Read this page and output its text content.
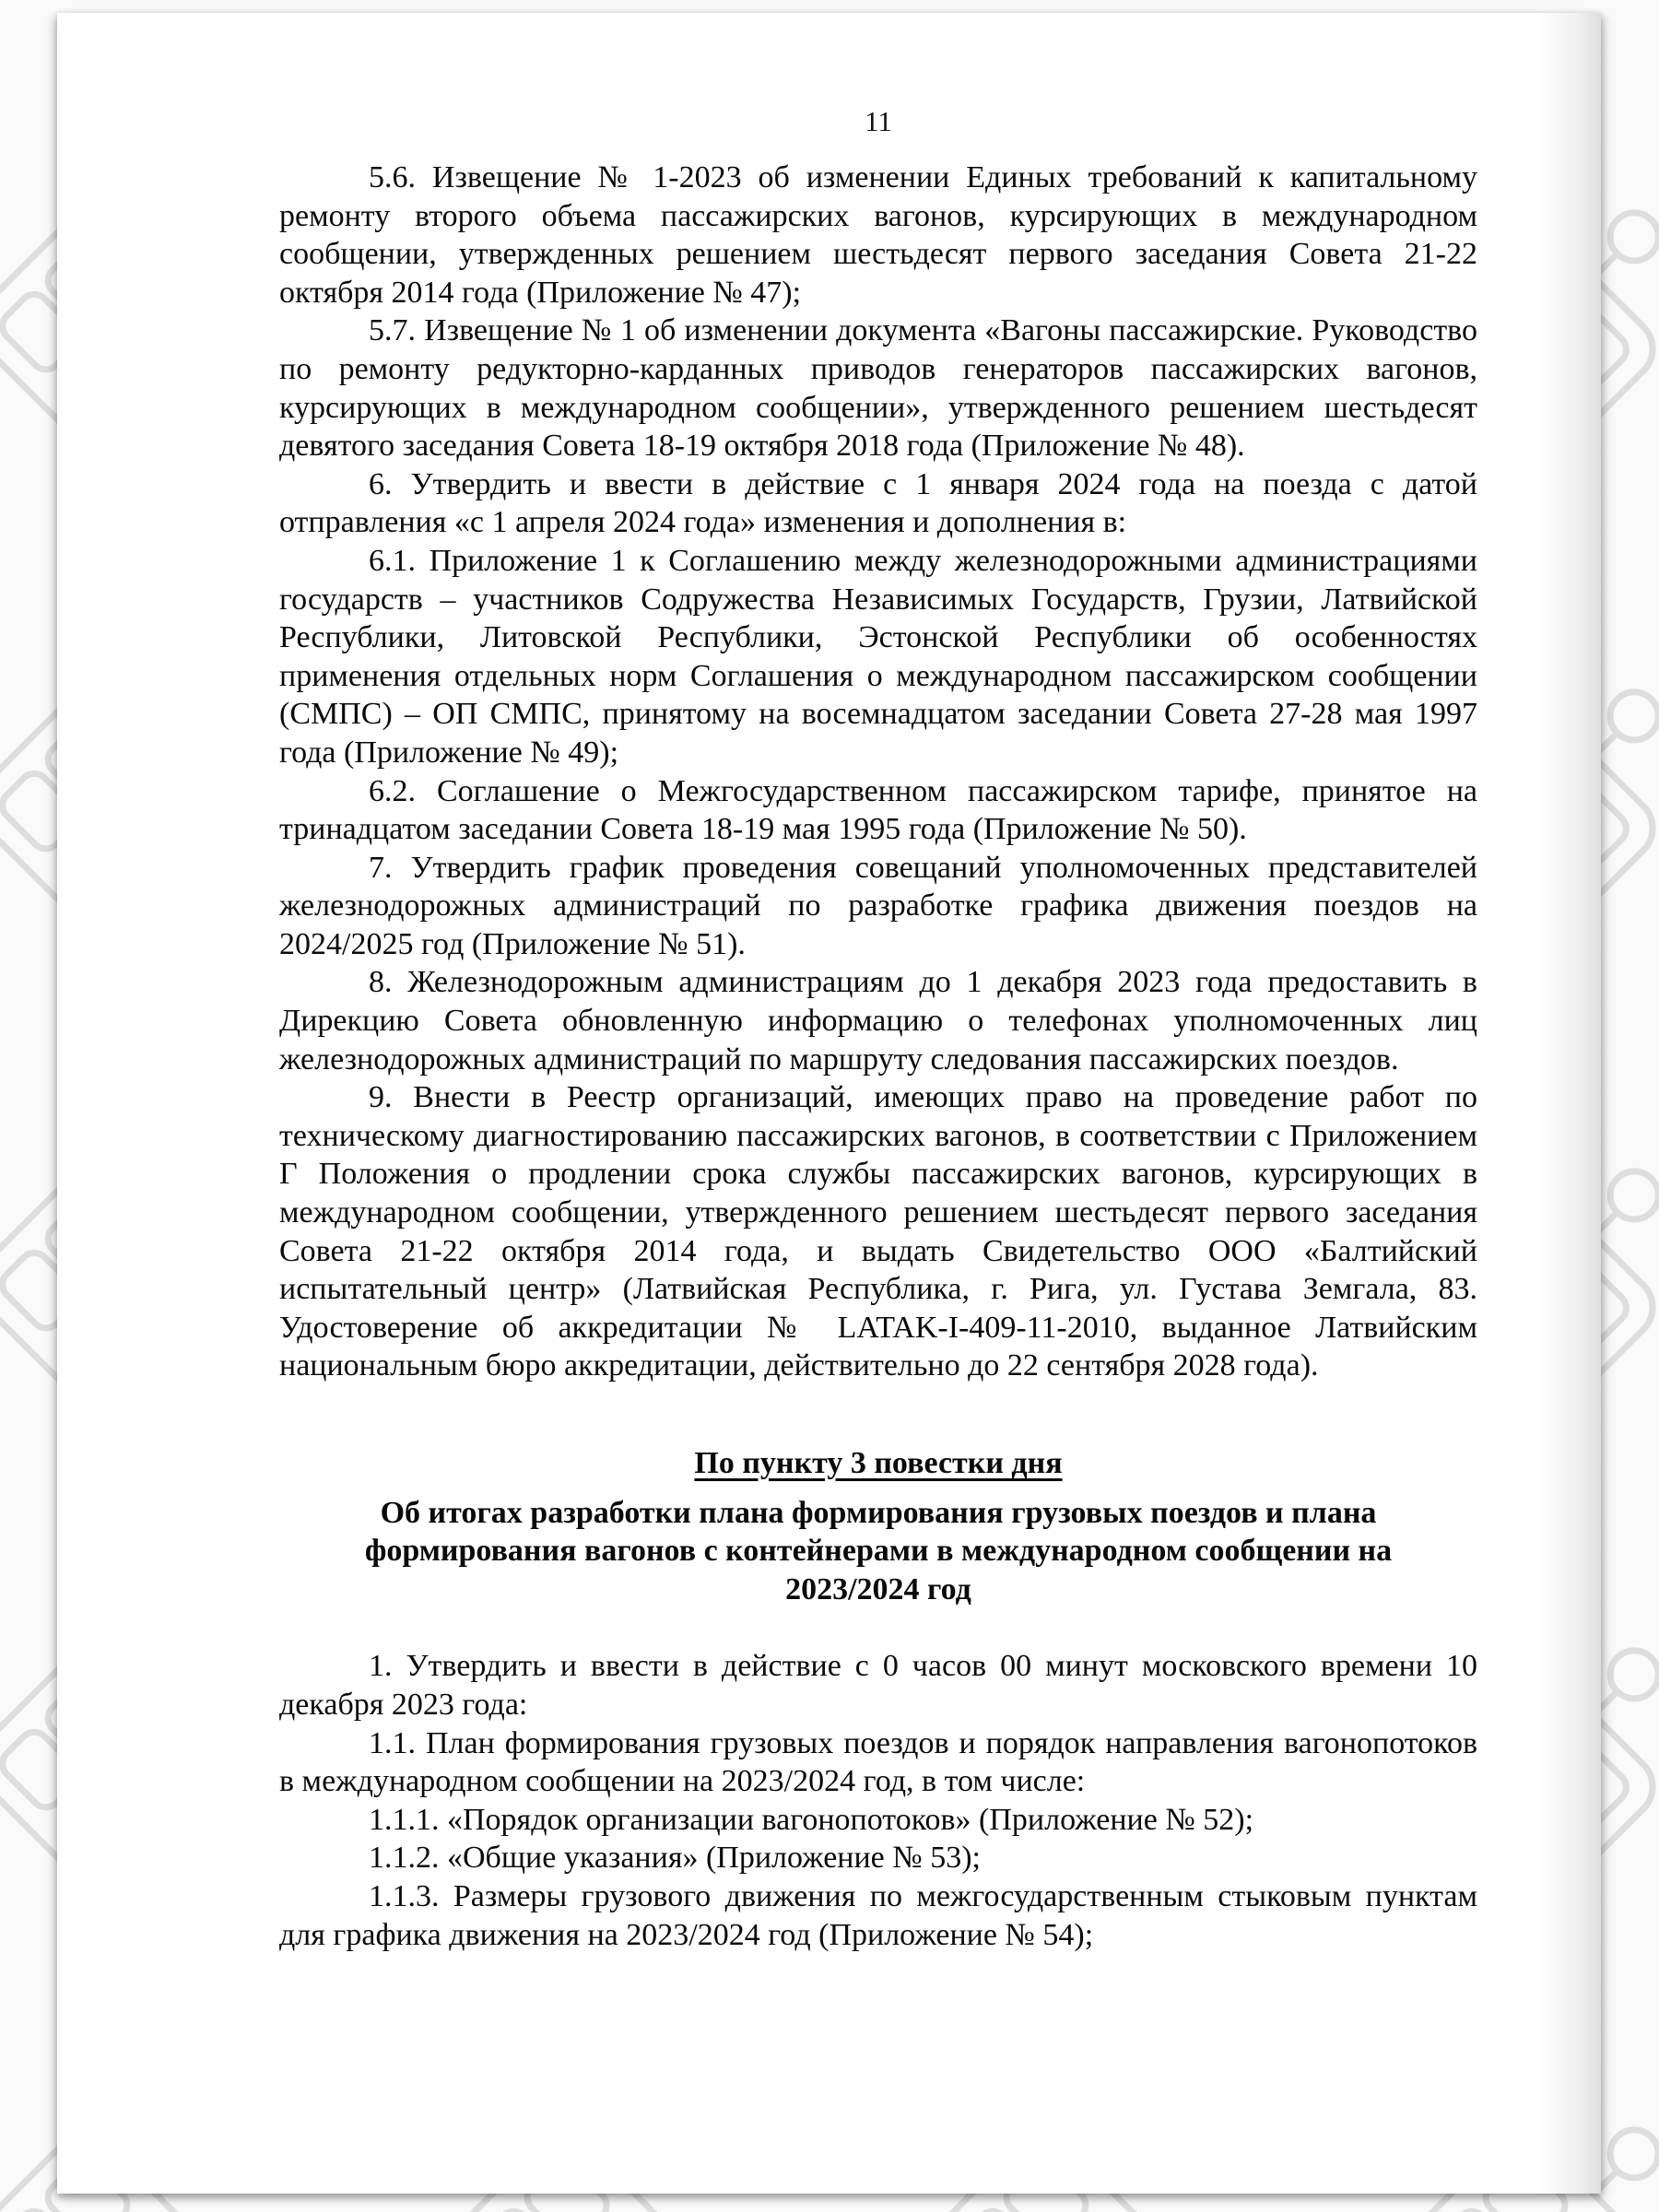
11

5.6. Извещение № 1-2023 об изменении Единых требований к капитальному ремонту второго объема пассажирских вагонов, курсирующих в международном сообщении, утвержденных решением шестьдесят первого заседания Совета 21-22 октября 2014 года (Приложение № 47);

5.7. Извещение № 1 об изменении документа «Вагоны пассажирские. Руководство по ремонту редукторно-карданных приводов генераторов пассажирских вагонов, курсирующих в международном сообщении», утвержденного решением шестьдесят девятого заседания Совета 18-19 октября 2018 года (Приложение № 48).

6. Утвердить и ввести в действие с 1 января 2024 года на поезда с датой отправления «с 1 апреля 2024 года» изменения и дополнения в:

6.1. Приложение 1 к Соглашению между железнодорожными администрациями государств – участников Содружества Независимых Государств, Грузии, Латвийской Республики, Литовской Республики, Эстонской Республики об особенностях применения отдельных норм Соглашения о международном пассажирском сообщении (СМПС) – ОП СМПС, принятому на восемнадцатом заседании Совета 27-28 мая 1997 года (Приложение № 49);

6.2. Соглашение о Межгосударственном пассажирском тарифе, принятое на тринадцатом заседании Совета 18-19 мая 1995 года (Приложение № 50).

7. Утвердить график проведения совещаний уполномоченных представителей железнодорожных администраций по разработке графика движения поездов на 2024/2025 год (Приложение № 51).

8. Железнодорожным администрациям до 1 декабря 2023 года предоставить в Дирекцию Совета обновленную информацию о телефонах уполномоченных лиц железнодорожных администраций по маршруту следования пассажирских поездов.

9. Внести в Реестр организаций, имеющих право на проведение работ по техническому диагностированию пассажирских вагонов, в соответствии с Приложением Г Положения о продлении срока службы пассажирских вагонов, курсирующих в международном сообщении, утвержденного решением шестьдесят первого заседания Совета 21-22 октября 2014 года, и выдать Свидетельство ООО «Балтийский испытательный центр» (Латвийская Республика, г. Рига, ул. Густава Земгала, 83. Удостоверение об аккредитации № LATAK-I-409-11-2010, выданное Латвийским национальным бюро аккредитации, действительно до 22 сентября 2028 года).

По пункту 3 повестки дня
Об итогах разработки плана формирования грузовых поездов и плана формирования вагонов с контейнерами в международном сообщении на 2023/2024 год

1. Утвердить и ввести в действие с 0 часов 00 минут московского времени 10 декабря 2023 года:

1.1. План формирования грузовых поездов и порядок направления вагонопотоков в международном сообщении на 2023/2024 год, в том числе:

1.1.1. «Порядок организации вагонопотоков» (Приложение № 52);

1.1.2. «Общие указания» (Приложение № 53);

1.1.3. Размеры грузового движения по межгосударственным стыковым пунктам для графика движения на 2023/2024 год (Приложение № 54);
